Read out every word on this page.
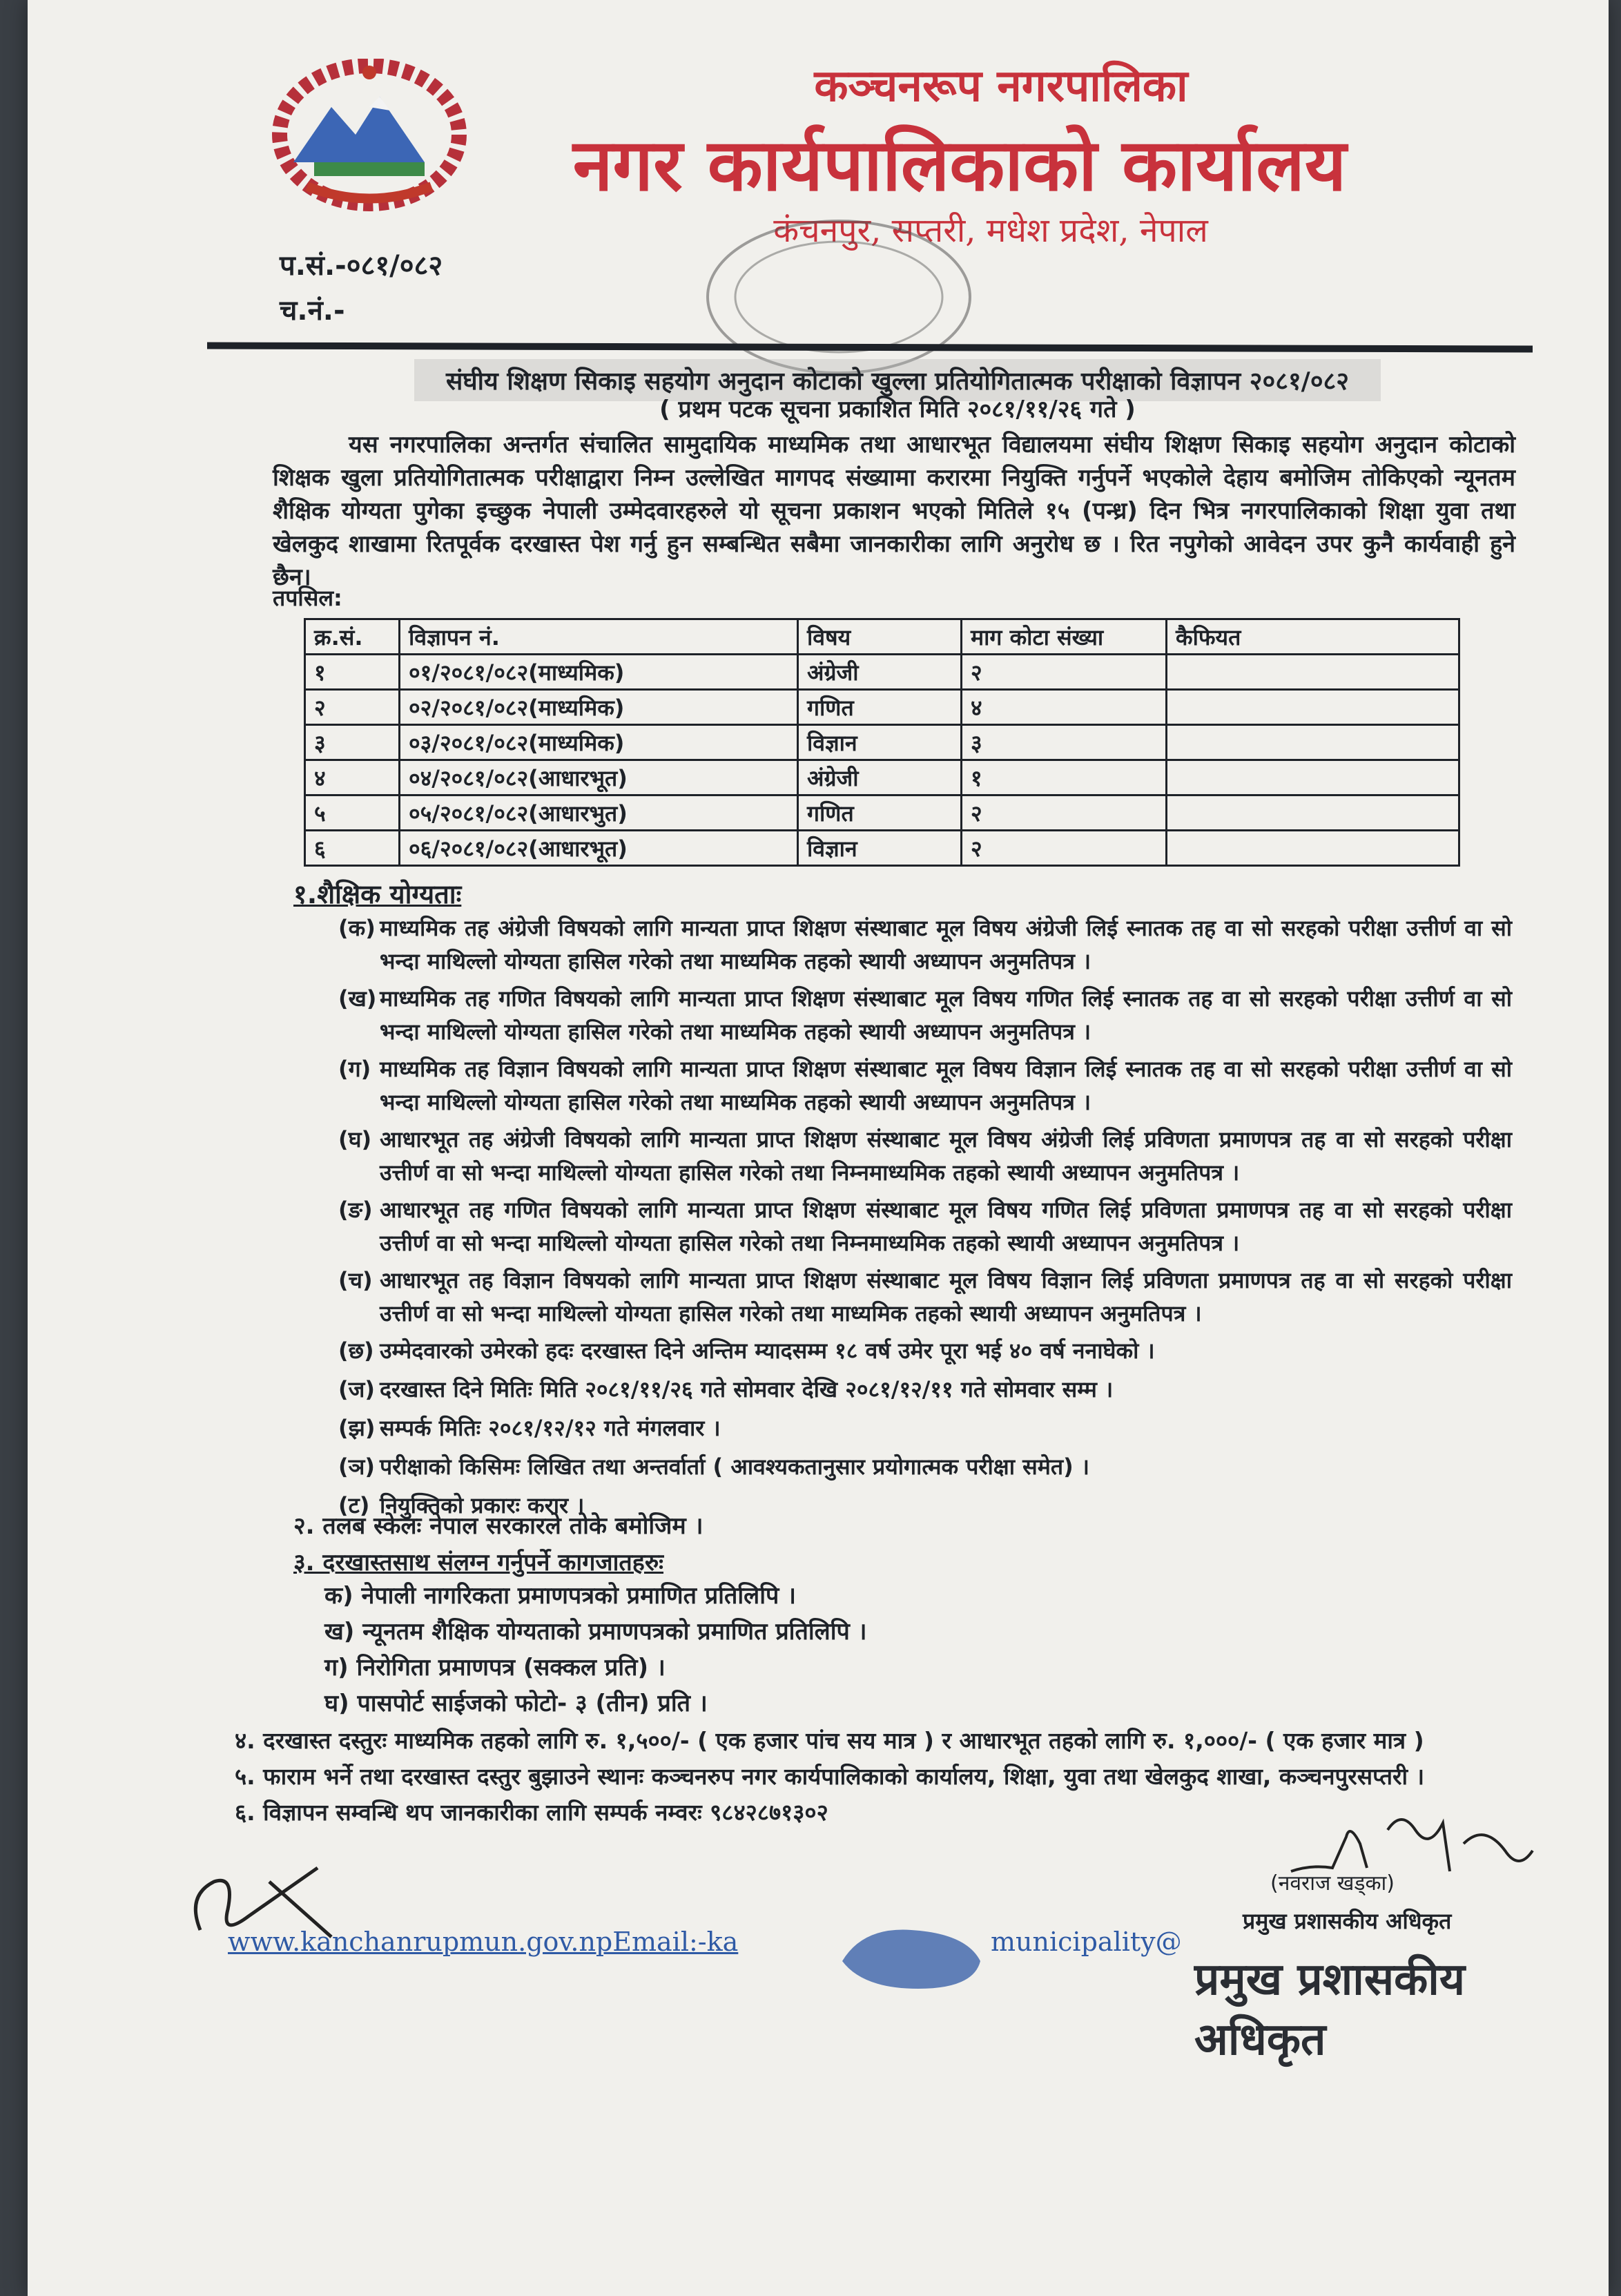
कञ्चनरूप नगरपालिका
नगर कार्यपालिकाको कार्यालय
कंचनपुर, सप्तरी, मधेश प्रदेश, नेपाल
प.सं.-०८१/०८२
च.नं.-
संघीय शिक्षण सिकाइ सहयोग अनुदान कोटाको खुल्ला प्रतियोगितात्मक परीक्षाको विज्ञापन २०८१/०८२
( प्रथम पटक सूचना प्रकाशित मिति २०८१/११/२६ गते )
यस नगरपालिका अन्तर्गत संचालित सामुदायिक माध्यमिक तथा आधारभूत विद्यालयमा संघीय शिक्षण सिकाइ सहयोग अनुदान कोटाको शिक्षक खुला प्रतियोगितात्मक परीक्षाद्वारा निम्न उल्लेखित मागपद संख्यामा करारमा नियुक्ति गर्नुपर्ने भएकोले देहाय बमोजिम तोकिएको न्यूनतम शैक्षिक योग्यता पुगेका इच्छुक नेपाली उम्मेदवारहरुले यो सूचना प्रकाशन भएको मितिले १५ (पन्ध्र) दिन भित्र नगरपालिकाको शिक्षा युवा तथा खेलकुद शाखामा रितपूर्वक दरखास्त पेश गर्नु हुन सम्बन्धित सबैमा जानकारीका लागि अनुरोध छ । रित नपुगेको आवेदन उपर कुनै कार्यवाही हुने छैन।
तपसिल:
क्र.सं.	विज्ञापन नं.	विषय	माग कोटा संख्या	कैफियत
१	०१/२०८१/०८२(माध्यमिक)	अंग्रेजी	२	
२	०२/२०८१/०८२(माध्यमिक)	गणित	४	
३	०३/२०८१/०८२(माध्यमिक)	विज्ञान	३	
४	०४/२०८१/०८२(आधारभूत)	अंग्रेजी	१	
५	०५/२०८१/०८२(आधारभुत)	गणित	२	
६	०६/२०८१/०८२(आधारभूत)	विज्ञान	२	
१.शैक्षिक योग्यताः
(क) माध्यमिक तह अंग्रेजी विषयको लागि मान्यता प्राप्त शिक्षण संस्थाबाट मूल विषय अंग्रेजी लिई स्नातक तह वा सो सरहको परीक्षा उत्तीर्ण वा सो भन्दा माथिल्लो योग्यता हासिल गरेको तथा माध्यमिक तहको स्थायी अध्यापन अनुमतिपत्र ।
(ख) माध्यमिक तह गणित विषयको लागि मान्यता प्राप्त शिक्षण संस्थाबाट मूल विषय गणित लिई स्नातक तह वा सो सरहको परीक्षा उत्तीर्ण वा सो भन्दा माथिल्लो योग्यता हासिल गरेको तथा माध्यमिक तहको स्थायी अध्यापन अनुमतिपत्र ।
(ग) माध्यमिक तह विज्ञान विषयको लागि मान्यता प्राप्त शिक्षण संस्थाबाट मूल विषय विज्ञान लिई स्नातक तह वा सो सरहको परीक्षा उत्तीर्ण वा सो भन्दा माथिल्लो योग्यता हासिल गरेको तथा माध्यमिक तहको स्थायी अध्यापन अनुमतिपत्र ।
(घ) आधारभूत तह अंग्रेजी विषयको लागि मान्यता प्राप्त शिक्षण संस्थाबाट मूल विषय अंग्रेजी लिई प्रविणता प्रमाणपत्र तह वा सो सरहको परीक्षा उत्तीर्ण वा सो भन्दा माथिल्लो योग्यता हासिल गरेको तथा निम्नमाध्यमिक तहको स्थायी अध्यापन अनुमतिपत्र ।
(ङ) आधारभूत तह गणित विषयको लागि मान्यता प्राप्त शिक्षण संस्थाबाट मूल विषय गणित लिई प्रविणता प्रमाणपत्र तह वा सो सरहको परीक्षा उत्तीर्ण वा सो भन्दा माथिल्लो योग्यता हासिल गरेको तथा निम्नमाध्यमिक तहको स्थायी अध्यापन अनुमतिपत्र ।
(च) आधारभूत तह विज्ञान विषयको लागि मान्यता प्राप्त शिक्षण संस्थाबाट मूल विषय विज्ञान लिई प्रविणता प्रमाणपत्र तह वा सो सरहको परीक्षा उत्तीर्ण वा सो भन्दा माथिल्लो योग्यता हासिल गरेको तथा माध्यमिक तहको स्थायी अध्यापन अनुमतिपत्र ।
(छ) उम्मेदवारको उमेरको हदः दरखास्त दिने अन्तिम म्यादसम्म १८ वर्ष उमेर पूरा भई ४० वर्ष ननाघेको ।
(ज) दरखास्त दिने मितिः मिति २०८१/११/२६ गते सोमवार देखि २०८१/१२/११ गते सोमवार सम्म ।
(झ) सम्पर्क मितिः २०८१/१२/१२ गते मंगलवार ।
(ञ) परीक्षाको किसिमः लिखित तथा अन्तर्वार्ता ( आवश्यकतानुसार प्रयोगात्मक परीक्षा समेत) ।
(ट) नियुक्तिको प्रकारः करार ।
२. तलब स्केलः नेपाल सरकारले तोके बमोजिम ।
३. दरखास्तसाथ संलग्न गर्नुपर्ने कागजातहरुः
क) नेपाली नागरिकता प्रमाणपत्रको प्रमाणित प्रतिलिपि ।
ख) न्यूनतम शैक्षिक योग्यताको प्रमाणपत्रको प्रमाणित प्रतिलिपि ।
ग) निरोगिता प्रमाणपत्र (सक्कल प्रति) ।
घ) पासपोर्ट साईजको फोटो- ३ (तीन) प्रति ।
४. दरखास्त दस्तुरः माध्यमिक तहको लागि रु. १,५००/- ( एक हजार पांच सय मात्र ) र आधारभूत तहको लागि रु. १,०००/- ( एक हजार मात्र )
५. फाराम भर्ने तथा दरखास्त दस्तुर बुझाउने स्थानः कञ्चनरुप नगर कार्यपालिकाको कार्यालय, शिक्षा, युवा तथा खेलकुद शाखा, कञ्चनपुरसप्तरी ।
६. विज्ञापन सम्वन्धि थप जानकारीका लागि सम्पर्क नम्वरः ९८४२८७१३०२
(नवराज खड्का)
प्रमुख प्रशासकीय अधिकृत
www.kanchanrupmun.gov.npEmail:-ka	municipality@
प्रमुख प्रशासकीय अधिकृत
